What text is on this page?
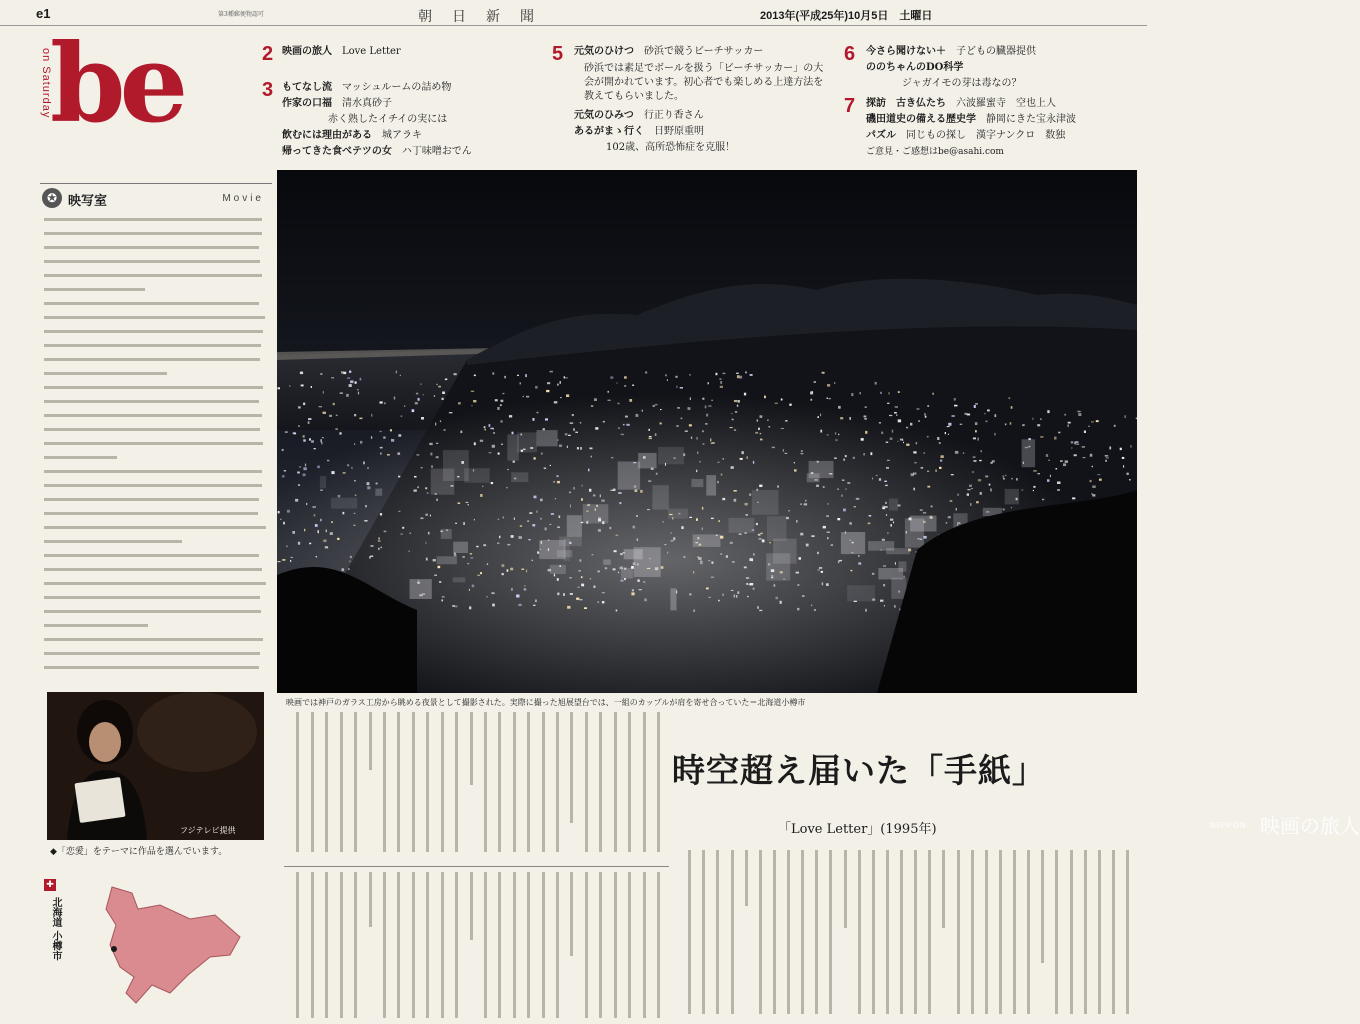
e1	第3種郵便物認可	朝日新聞	2013年(平成25年)10月5日　土曜日
on Saturday
be	2 映画の旅人　 Love Letter
3 もてなし流　 マッシュルームの詰め物
作家の口福　 清水真砂子
赤く熟したイチイの実には
飲むには理由がある　 城アラキ
帰ってきた食べテツの女　 ハ丁味噌おでん
5 元気のひけつ　 砂浜で競うビーチサッカー
砂浜では素足でボールを扱う「ビーチサッカー」の大会が開かれています。初心者でも楽しめる上達方法を教えてもらいました。
元気のひみつ　 行正り香さん
あるがまゝ行く　 日野原重明
102歳、高所恐怖症を克服！
6 今さら聞けない＋　 子どもの臓器提供
ののちゃんのDO科学
ジャガイモの芽は毒なの？
7 探訪　古き仏たち　 六波羅蜜寺　空也上人
磯田道史の備える歴史学　 静岡にきた宝永津波
パズル　 同じもの探し　漢字ナンクロ　数独
ご意見・ご感想はbe@asahi.com
✪ 映写室	Movie
NIPPON 映画の旅人
映画では神戸のガラス工房から眺める夜景として撮影された。実際に撮った旭展望台では、一組のカップルが肩を寄せ合っていた＝北海道小樽市
フジテレビ提供
◆「恋愛」をテーマに作品を選んでいます。
✚
北海道 小樽市
時空超え届いた「手紙」
「Love Letter」(1995年)
